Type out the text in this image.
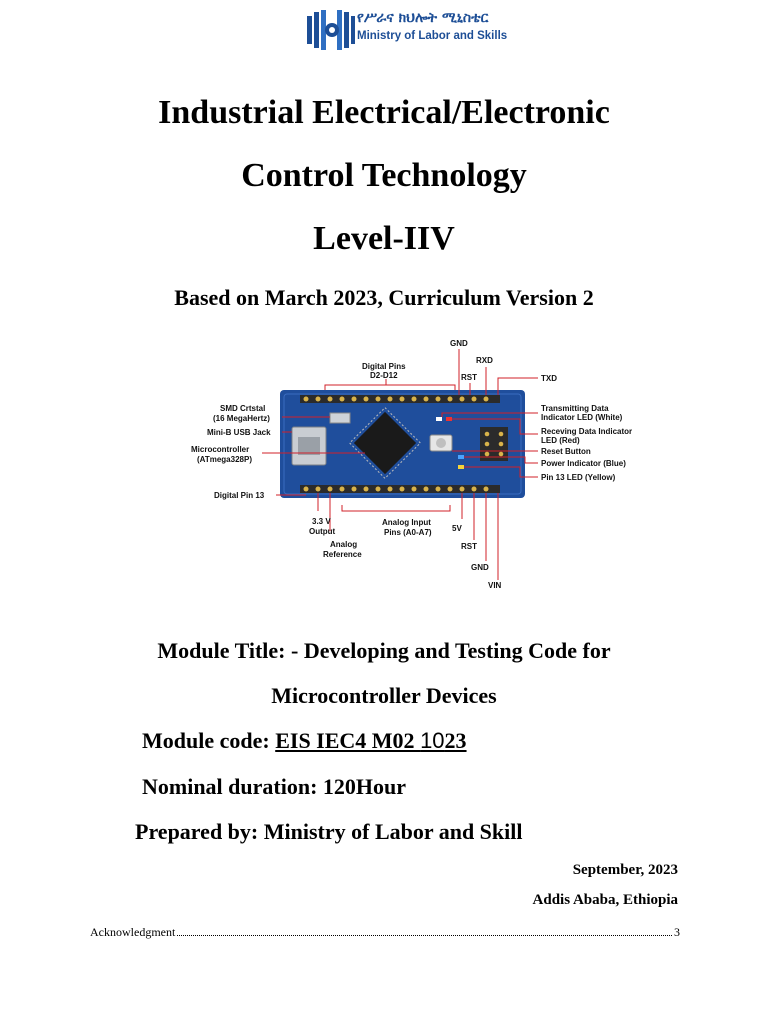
የሥራና ክህሎት ሚኒስቴር
Ministry of Labor and Skills
Industrial Electrical/Electronic
Control Technology
Level-IIV
Based on March 2023, Curriculum Version 2
GND
RXD
RST
Digital Pins
D2-D12	TXD
Transmitting Data
Indicator LED (White)
Receving Data Indicator
LED (Red)
Reset Button
Power Indicator (Blue)
Pin 13 LED (Yellow)
SMD Crtstal
(16 MegaHertz)
Mini-B USB Jack
Microcontroller
(ATmega328P)
Digital Pin 13
3.3 V
Output
Analog
Reference
Analog Input
Pins (A0-A7)	5V
RST
GND
VIN
Module Title: - Developing and Testing Code for
Microcontroller Devices
Module code: EIS IEC4 M02 1023
Nominal duration: 120Hour
Prepared by: Ministry of Labor and Skill
September, 2023
Addis Ababa, Ethiopia
Acknowledgment	3
